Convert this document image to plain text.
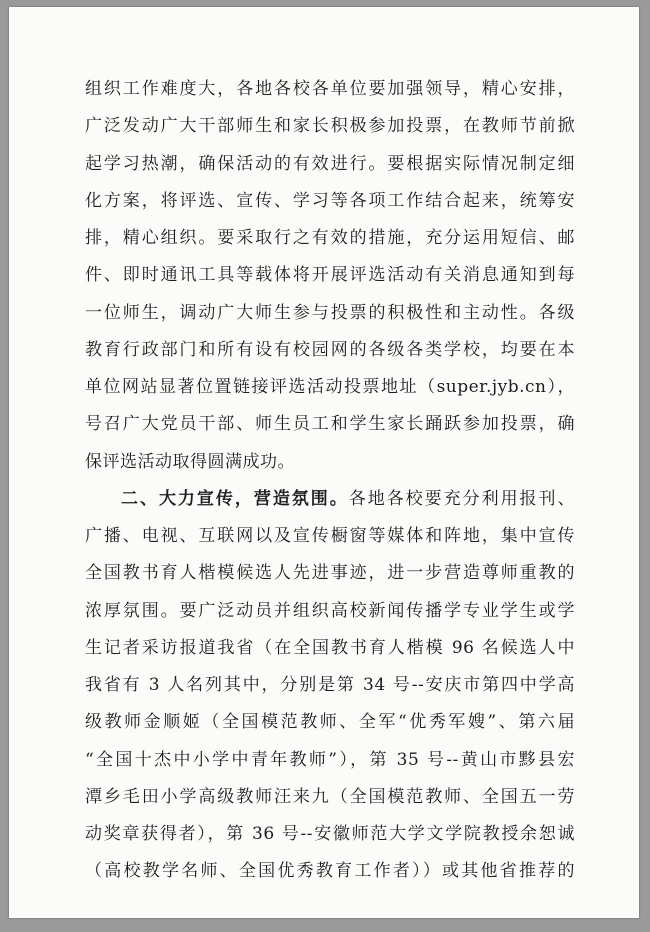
组织工作难度大，各地各校各单位要加强领导，精心安排，
广泛发动广大干部师生和家长积极参加投票，在教师节前掀
起学习热潮，确保活动的有效进行。要根据实际情况制定细
化方案，将评选、宣传、学习等各项工作结合起来，统筹安
排，精心组织。要采取行之有效的措施，充分运用短信、邮
件、即时通讯工具等载体将开展评选活动有关消息通知到每
一位师生，调动广大师生参与投票的积极性和主动性。各级
教育行政部门和所有设有校园网的各级各类学校，均要在本
单位网站显著位置链接评选活动投票地址（super.jyb.cn），
号召广大党员干部、师生员工和学生家长踊跃参加投票，确
保评选活动取得圆满成功。
二、大力宣传，营造氛围。各地各校要充分利用报刊、
广播、电视、互联网以及宣传橱窗等媒体和阵地，集中宣传
全国教书育人楷模候选人先进事迹，进一步营造尊师重教的
浓厚氛围。要广泛动员并组织高校新闻传播学专业学生或学
生记者采访报道我省（在全国教书育人楷模 96 名候选人中
我省有 3 人名列其中，分别是第 34 号--安庆市第四中学高
级教师金顺姬（全国模范教师、全军“优秀军嫂”、第六届
“全国十杰中小学中青年教师”），第 35 号--黄山市黟县宏
潭乡毛田小学高级教师汪来九（全国模范教师、全国五一劳
动奖章获得者），第 36 号--安徽师范大学文学院教授余恕诚
（高校教学名师、全国优秀教育工作者））或其他省推荐的
